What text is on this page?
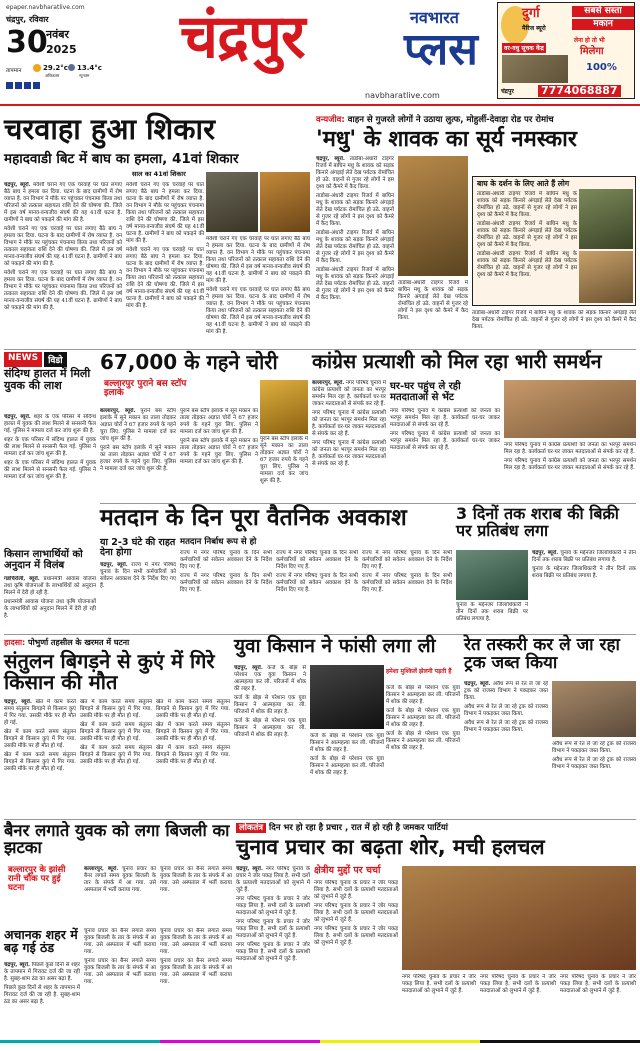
epaper.navbharatlive.com
चंद्रपुर, रविवार
30
नवंबर
2025
तापमान	29.2°c
अधिकतम
13.4°c
न्यूनतम
चंद्रपुर	नवभारत
प्लस
navbharatlive.com
दुर्गा
मैरिज ब्यूरो
वर-वधु सूचक केंद्र
सबसे सस्ता
मकान
लेना हो तो भी
मिलेगा
100%
चंद्रपुर 7774068887
चरवाहा हुआ शिकार
महादवाडी बिट में बाघ का हमला, 41वां शिकार
साल का 41वां शिकार

चंद्रपुर, ब्यूरो. मवेशी चराने गए एक चरवाहे पर घात लगाए बैठे बाघ ने हमला कर दिया. घटना के बाद ग्रामीणों में रोष व्याप्त है. वन विभाग ने मौके पर पहुंचकर पंचनामा किया तथा परिजनों को तत्काल सहायता राशि देने की घोषणा की. जिले में इस वर्ष मानव-वन्यजीव संघर्ष की यह 41वीं घटना है. ग्रामीणों ने बाघ को पकड़ने की मांग की है.

मवेशी चराने गए एक चरवाहे पर घात लगाए बैठे बाघ ने हमला कर दिया. घटना के बाद ग्रामीणों में रोष व्याप्त है. वन विभाग ने मौके पर पहुंचकर पंचनामा किया तथा परिजनों को तत्काल सहायता राशि देने की घोषणा की. जिले में इस वर्ष मानव-वन्यजीव संघर्ष की यह 41वीं घटना है. ग्रामीणों ने बाघ को पकड़ने की मांग की है.

मवेशी चराने गए एक चरवाहे पर घात लगाए बैठे बाघ ने हमला कर दिया. घटना के बाद ग्रामीणों में रोष व्याप्त है. वन विभाग ने मौके पर पहुंचकर पंचनामा किया तथा परिजनों को तत्काल सहायता राशि देने की घोषणा की. जिले में इस वर्ष मानव-वन्यजीव संघर्ष की यह 41वीं घटना है. ग्रामीणों ने बाघ को पकड़ने की मांग की है.

मवेशी चराने गए एक चरवाहे पर घात लगाए बैठे बाघ ने हमला कर दिया. घटना के बाद ग्रामीणों में रोष व्याप्त है. वन विभाग ने मौके पर पहुंचकर पंचनामा किया तथा परिजनों को तत्काल सहायता राशि देने की घोषणा की. जिले में इस वर्ष मानव-वन्यजीव संघर्ष की यह 41वीं घटना है. ग्रामीणों ने बाघ को पकड़ने की मांग की है.

मवेशी चराने गए एक चरवाहे पर घात लगाए बैठे बाघ ने हमला कर दिया. घटना के बाद ग्रामीणों में रोष व्याप्त है. वन विभाग ने मौके पर पहुंचकर पंचनामा किया तथा परिजनों को तत्काल सहायता राशि देने की घोषणा की. जिले में इस वर्ष मानव-वन्यजीव संघर्ष की यह 41वीं घटना है. ग्रामीणों ने बाघ को पकड़ने की मांग की है.

मवेशी चराने गए एक चरवाहे पर घात लगाए बैठे बाघ ने हमला कर दिया. घटना के बाद ग्रामीणों में रोष व्याप्त है. वन विभाग ने मौके पर पहुंचकर पंचनामा किया तथा परिजनों को तत्काल सहायता राशि देने की घोषणा की. जिले में इस वर्ष मानव-वन्यजीव संघर्ष की यह 41वीं घटना है. ग्रामीणों ने बाघ को पकड़ने की मांग की है.

मवेशी चराने गए एक चरवाहे पर घात लगाए बैठे बाघ ने हमला कर दिया. घटना के बाद ग्रामीणों में रोष व्याप्त है. वन विभाग ने मौके पर पहुंचकर पंचनामा किया तथा परिजनों को तत्काल सहायता राशि देने की घोषणा की. जिले में इस वर्ष मानव-वन्यजीव संघर्ष की यह 41वीं घटना है. ग्रामीणों ने बाघ को पकड़ने की मांग की है.

वन्यजीव: वाहन से गुजरते लोगों ने उठाया लुत्फ, मोहुर्ली-देवाड़ा रोड पर रोमांच
'मधु' के शावक का सूर्य नमस्कार

चंद्रपुर, ब्यूरो. ताडोबा-अंधारी टाइगर रिजर्व में बाघिन मधु के शावक को सड़क किनारे अंगड़ाई लेते देख पर्यटक रोमांचित हो उठे. वाहनों से गुजर रहे लोगों ने इस दृश्य को कैमरे में कैद किया.

ताडोबा-अंधारी टाइगर रिजर्व में बाघिन मधु के शावक को सड़क किनारे अंगड़ाई लेते देख पर्यटक रोमांचित हो उठे. वाहनों से गुजर रहे लोगों ने इस दृश्य को कैमरे में कैद किया.

ताडोबा-अंधारी टाइगर रिजर्व में बाघिन मधु के शावक को सड़क किनारे अंगड़ाई लेते देख पर्यटक रोमांचित हो उठे. वाहनों से गुजर रहे लोगों ने इस दृश्य को कैमरे में कैद किया.

ताडोबा-अंधारी टाइगर रिजर्व में बाघिन मधु के शावक को सड़क किनारे अंगड़ाई लेते देख पर्यटक रोमांचित हो उठे. वाहनों से गुजर रहे लोगों ने इस दृश्य को कैमरे में कैद किया.

ताडोबा-अंधारी टाइगर रिजर्व में बाघिन मधु के शावक को सड़क किनारे अंगड़ाई लेते देख पर्यटक रोमांचित हो उठे. वाहनों से गुजर रहे लोगों ने इस दृश्य को कैमरे में कैद किया.

बाघ के दर्शन के लिए आते हैं लोग

ताडोबा-अंधारी टाइगर रिजर्व में बाघिन मधु के शावक को सड़क किनारे अंगड़ाई लेते देख पर्यटक रोमांचित हो उठे. वाहनों से गुजर रहे लोगों ने इस दृश्य को कैमरे में कैद किया.

ताडोबा-अंधारी टाइगर रिजर्व में बाघिन मधु के शावक को सड़क किनारे अंगड़ाई लेते देख पर्यटक रोमांचित हो उठे. वाहनों से गुजर रहे लोगों ने इस दृश्य को कैमरे में कैद किया.

ताडोबा-अंधारी टाइगर रिजर्व में बाघिन मधु के शावक को सड़क किनारे अंगड़ाई लेते देख पर्यटक रोमांचित हो उठे. वाहनों से गुजर रहे लोगों ने इस दृश्य को कैमरे में कैद किया.

ताडोबा-अंधारी टाइगर रिजर्व में बाघिन मधु के शावक को सड़क किनारे अंगड़ाई लेते देख पर्यटक रोमांचित हो उठे. वाहनों से गुजर रहे लोगों ने इस दृश्य को कैमरे में कैद किया.

NEWS	विडो
संदिग्ध हालत में मिली युवक की लाश

चंद्रपुर, ब्यूरो. शहर के एक परिसर में संदिग्ध हालत में युवक की लाश मिलने से सनसनी फैल गई. पुलिस ने मामला दर्ज कर जांच शुरू की है.

शहर के एक परिसर में संदिग्ध हालत में युवक की लाश मिलने से सनसनी फैल गई. पुलिस ने मामला दर्ज कर जांच शुरू की है.

शहर के एक परिसर में संदिग्ध हालत में युवक की लाश मिलने से सनसनी फैल गई. पुलिस ने मामला दर्ज कर जांच शुरू की है.

67,000 के गहने चोरी
बल्लारपुर पुराने बस स्टॉप इलाके

बल्लारपुर, ब्यूरो. पुराने बस स्टॉप इलाके में सूने मकान का ताला तोड़कर अज्ञात चोरों ने 67 हजार रुपये के गहने चुरा लिए. पुलिस ने मामला दर्ज कर जांच शुरू की है.

पुराने बस स्टॉप इलाके में सूने मकान का ताला तोड़कर अज्ञात चोरों ने 67 हजार रुपये के गहने चुरा लिए. पुलिस ने मामला दर्ज कर जांच शुरू की है.

पुराने बस स्टॉप इलाके में सूने मकान का ताला तोड़कर अज्ञात चोरों ने 67 हजार रुपये के गहने चुरा लिए. पुलिस ने मामला दर्ज कर जांच शुरू की है.

पुराने बस स्टॉप इलाके में सूने मकान का ताला तोड़कर अज्ञात चोरों ने 67 हजार रुपये के गहने चुरा लिए. पुलिस ने मामला दर्ज कर जांच शुरू की है.

पुराने बस स्टॉप इलाके में सूने मकान का ताला तोड़कर अज्ञात चोरों ने 67 हजार रुपये के गहने चुरा लिए. पुलिस ने मामला दर्ज कर जांच शुरू की है.

कांग्रेस प्रत्याशी को मिल रहा भारी समर्थन

बल्लारपुर, ब्यूरो. नगर परिषद चुनाव में कांग्रेस प्रत्याशी को जनता का भरपूर समर्थन मिल रहा है. कार्यकर्ता घर-घर जाकर मतदाताओं से संपर्क कर रहे हैं.

नगर परिषद चुनाव में कांग्रेस प्रत्याशी को जनता का भरपूर समर्थन मिल रहा है. कार्यकर्ता घर-घर जाकर मतदाताओं से संपर्क कर रहे हैं.

नगर परिषद चुनाव में कांग्रेस प्रत्याशी को जनता का भरपूर समर्थन मिल रहा है. कार्यकर्ता घर-घर जाकर मतदाताओं से संपर्क कर रहे हैं.

घर-घर पहुंच ले रही मतदाताओं से भेंट

नगर परिषद चुनाव में कांग्रेस प्रत्याशी को जनता का भरपूर समर्थन मिल रहा है. कार्यकर्ता घर-घर जाकर मतदाताओं से संपर्क कर रहे हैं.

नगर परिषद चुनाव में कांग्रेस प्रत्याशी को जनता का भरपूर समर्थन मिल रहा है. कार्यकर्ता घर-घर जाकर मतदाताओं से संपर्क कर रहे हैं.	नगर परिषद चुनाव में कांग्रेस प्रत्याशी को जनता का भरपूर समर्थन मिल रहा है. कार्यकर्ता घर-घर जाकर मतदाताओं से संपर्क कर रहे हैं.

नगर परिषद चुनाव में कांग्रेस प्रत्याशी को जनता का भरपूर समर्थन मिल रहा है. कार्यकर्ता घर-घर जाकर मतदाताओं से संपर्क कर रहे हैं.

किसान लाभार्थियों को अनुदान में विलंब

गडचिरोली, ब्यूरो. प्रधानमंत्री आवास योजना तथा कृषि योजनाओं के लाभार्थियों को अनुदान मिलने में देरी हो रही है.

प्रधानमंत्री आवास योजना तथा कृषि योजनाओं के लाभार्थियों को अनुदान मिलने में देरी हो रही है.

मतदान के दिन पूरा वैतनिक अवकाश
या 2-3 घंटे की राहत देना होगा

चंद्रपुर, ब्यूरो. राज्य में नगर परिषद चुनाव के दिन सभी कर्मचारियों को सवेतन अवकाश देने के निर्देश दिए गए हैं.

मतदान निर्बाध रूप से हो

राज्य में नगर परिषद चुनाव के दिन सभी कर्मचारियों को सवेतन अवकाश देने के निर्देश दिए गए हैं.

राज्य में नगर परिषद चुनाव के दिन सभी कर्मचारियों को सवेतन अवकाश देने के निर्देश दिए गए हैं.

राज्य में नगर परिषद चुनाव के दिन सभी कर्मचारियों को सवेतन अवकाश देने के निर्देश दिए गए हैं.

राज्य में नगर परिषद चुनाव के दिन सभी कर्मचारियों को सवेतन अवकाश देने के निर्देश दिए गए हैं.

राज्य में नगर परिषद चुनाव के दिन सभी कर्मचारियों को सवेतन अवकाश देने के निर्देश दिए गए हैं.

राज्य में नगर परिषद चुनाव के दिन सभी कर्मचारियों को सवेतन अवकाश देने के निर्देश दिए गए हैं.

3 दिनों तक शराब की बिक्री पर प्रतिबंध लगा

चंद्रपुर, ब्यूरो. चुनाव के मद्देनजर जिलाधिकारी ने तीन दिनों तक शराब बिक्री पर प्रतिबंध लगाया है.

चुनाव के मद्देनजर जिलाधिकारी ने तीन दिनों तक शराब बिक्री पर प्रतिबंध लगाया है.

चुनाव के मद्देनजर जिलाधिकारी ने तीन दिनों तक शराब बिक्री पर प्रतिबंध लगाया है.

हादसा: पोभुर्णा तहसील के खरमत में घटना
संतुलन बिगड़ने से कुएं में गिरे किसान की मौत

चंद्रपुर, ब्यूरो. खेत में काम करते समय संतुलन बिगड़ने से किसान कुएं में गिर गया. उसकी मौके पर ही मौत हो गई.

खेत में काम करते समय संतुलन बिगड़ने से किसान कुएं में गिर गया. उसकी मौके पर ही मौत हो गई.

खेत में काम करते समय संतुलन बिगड़ने से किसान कुएं में गिर गया. उसकी मौके पर ही मौत हो गई.

खेत में काम करते समय संतुलन बिगड़ने से किसान कुएं में गिर गया. उसकी मौके पर ही मौत हो गई.

खेत में काम करते समय संतुलन बिगड़ने से किसान कुएं में गिर गया. उसकी मौके पर ही मौत हो गई.

खेत में काम करते समय संतुलन बिगड़ने से किसान कुएं में गिर गया. उसकी मौके पर ही मौत हो गई.

खेत में काम करते समय संतुलन बिगड़ने से किसान कुएं में गिर गया. उसकी मौके पर ही मौत हो गई.

खेत में काम करते समय संतुलन बिगड़ने से किसान कुएं में गिर गया. उसकी मौके पर ही मौत हो गई.

खेत में काम करते समय संतुलन बिगड़ने से किसान कुएं में गिर गया. उसकी मौके पर ही मौत हो गई.

युवा किसान ने फांसी लगा ली

चंद्रपुर, ब्यूरो. कर्ज के बोझ से परेशान एक युवा किसान ने आत्महत्या कर ली. परिजनों में शोक की लहर है.

कर्ज के बोझ से परेशान एक युवा किसान ने आत्महत्या कर ली. परिजनों में शोक की लहर है.

कर्ज के बोझ से परेशान एक युवा किसान ने आत्महत्या कर ली. परिजनों में शोक की लहर है.

हमेशा मुश्किलें झेलनी पड़ती हैं

कर्ज के बोझ से परेशान एक युवा किसान ने आत्महत्या कर ली. परिजनों में शोक की लहर है.

कर्ज के बोझ से परेशान एक युवा किसान ने आत्महत्या कर ली. परिजनों में शोक की लहर है.

कर्ज के बोझ से परेशान एक युवा किसान ने आत्महत्या कर ली. परिजनों में शोक की लहर है.

कर्ज के बोझ से परेशान एक युवा किसान ने आत्महत्या कर ली. परिजनों में शोक की लहर है.

कर्ज के बोझ से परेशान एक युवा किसान ने आत्महत्या कर ली. परिजनों में शोक की लहर है.

रेत तस्करी कर ले जा रहा ट्रक जब्त किया

चंद्रपुर, ब्यूरो. अवैध रूप से रेत ले जा रहे ट्रक को राजस्व विभाग ने पकड़कर जब्त किया.

अवैध रूप से रेत ले जा रहे ट्रक को राजस्व विभाग ने पकड़कर जब्त किया.

अवैध रूप से रेत ले जा रहे ट्रक को राजस्व विभाग ने पकड़कर जब्त किया.

अवैध रूप से रेत ले जा रहे ट्रक को राजस्व विभाग ने पकड़कर जब्त किया.

अवैध रूप से रेत ले जा रहे ट्रक को राजस्व विभाग ने पकड़कर जब्त किया.

बैनर लगाते युवक को लगा बिजली का झटका
बल्लारपुर के झांसी रानी चौक पर हुई घटना

बल्लारपुर, ब्यूरो. चुनाव प्रचार का बैनर लगाते समय युवक बिजली के तार के संपर्क में आ गया. उसे अस्पताल में भर्ती कराया गया.

चुनाव प्रचार का बैनर लगाते समय युवक बिजली के तार के संपर्क में आ गया. उसे अस्पताल में भर्ती कराया गया.

अचानक शहर में बढ़ गई ठंड

चंद्रपुर, ब्यूरो. पिछले कुछ दिनों से शहर के तापमान में गिरावट दर्ज की जा रही है. सुबह-शाम ठंड का असर बढ़ा है.

पिछले कुछ दिनों से शहर के तापमान में गिरावट दर्ज की जा रही है. सुबह-शाम ठंड का असर बढ़ा है.

चुनाव प्रचार का बैनर लगाते समय युवक बिजली के तार के संपर्क में आ गया. उसे अस्पताल में भर्ती कराया गया.

चुनाव प्रचार का बैनर लगाते समय युवक बिजली के तार के संपर्क में आ गया. उसे अस्पताल में भर्ती कराया गया.

चुनाव प्रचार का बैनर लगाते समय युवक बिजली के तार के संपर्क में आ गया. उसे अस्पताल में भर्ती कराया गया.

चुनाव प्रचार का बैनर लगाते समय युवक बिजली के तार के संपर्क में आ गया. उसे अस्पताल में भर्ती कराया गया.

लोकतंत्र दिन भर हो रहा है प्रचार , रात में हो रही है जमकर पार्टियां
चुनाव प्रचार का बढ़ता शोर, मची हलचल

चंद्रपुर, ब्यूरो. नगर परिषद चुनाव के प्रचार ने जोर पकड़ लिया है. सभी दलों के प्रत्याशी मतदाताओं को लुभाने में जुटे हैं.

नगर परिषद चुनाव के प्रचार ने जोर पकड़ लिया है. सभी दलों के प्रत्याशी मतदाताओं को लुभाने में जुटे हैं.

नगर परिषद चुनाव के प्रचार ने जोर पकड़ लिया है. सभी दलों के प्रत्याशी मतदाताओं को लुभाने में जुटे हैं.

नगर परिषद चुनाव के प्रचार ने जोर पकड़ लिया है. सभी दलों के प्रत्याशी मतदाताओं को लुभाने में जुटे हैं.

क्षेत्रीय मुद्दों पर चर्चा

नगर परिषद चुनाव के प्रचार ने जोर पकड़ लिया है. सभी दलों के प्रत्याशी मतदाताओं को लुभाने में जुटे हैं.

नगर परिषद चुनाव के प्रचार ने जोर पकड़ लिया है. सभी दलों के प्रत्याशी मतदाताओं को लुभाने में जुटे हैं.

नगर परिषद चुनाव के प्रचार ने जोर पकड़ लिया है. सभी दलों के प्रत्याशी मतदाताओं को लुभाने में जुटे हैं.

नगर परिषद चुनाव के प्रचार ने जोर पकड़ लिया है. सभी दलों के प्रत्याशी मतदाताओं को लुभाने में जुटे हैं.

नगर परिषद चुनाव के प्रचार ने जोर पकड़ लिया है. सभी दलों के प्रत्याशी मतदाताओं को लुभाने में जुटे हैं.

नगर परिषद चुनाव के प्रचार ने जोर पकड़ लिया है. सभी दलों के प्रत्याशी मतदाताओं को लुभाने में जुटे हैं.
